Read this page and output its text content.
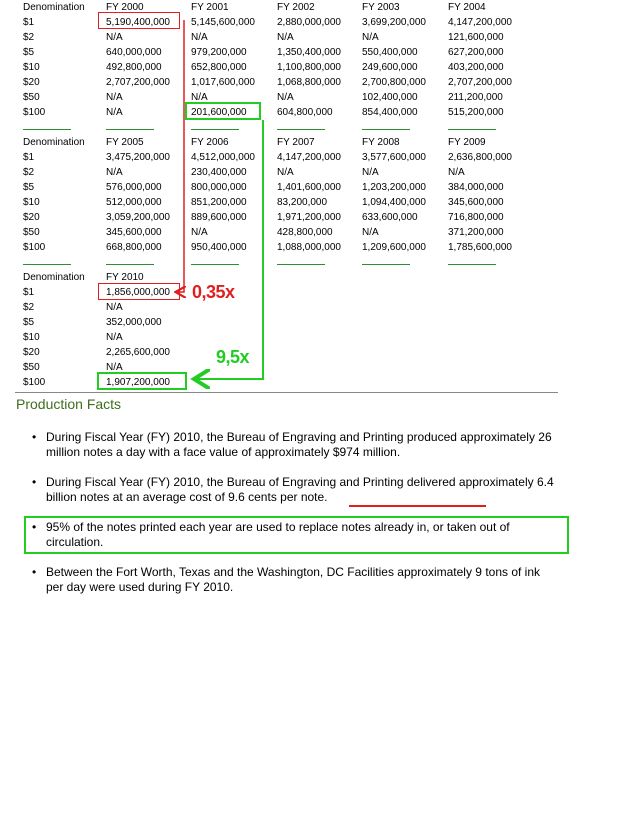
Denomination FY 2000	FY 2001	FY 2002	FY 2003	FY 2004
$1	5,190,400,000 5,145,600,000 2,880,000,000 3,699,200,000 4,147,200,000
$2	N/A	N/A	N/A	N/A	121,600,000
$5	640,000,000	979,200,000	1,350,400,000 550,400,000	627,200,000
$10	492,800,000	652,800,000	1,100,800,000 249,600,000	403,200,000
$20	2,707,200,000 1,017,600,000 1,068,800,000 2,700,800,000 2,707,200,000
$50	N/A	N/A	N/A	102,400,000	211,200,000
$100	N/A	201,600,000	604,800,000	854,400,000	515,200,000
Denomination FY 2005	FY 2006	FY 2007	FY 2008	FY 2009
$1	3,475,200,000 4,512,000,000 4,147,200,000 3,577,600,000 2,636,800,000
$2	N/A	230,400,000	N/A	N/A	N/A
$5	576,000,000	800,000,000	1,401,600,000 1,203,200,000 384,000,000
$10	512,000,000	851,200,000	83,200,000	1,094,400,000 345,600,000
$20	3,059,200,000 889,600,000	1,971,200,000 633,600,000	716,800,000
$50	345,600,000	N/A	428,800,000	N/A	371,200,000
$100	668,800,000	950,400,000	1,088,000,000 1,209,600,000 1,785,600,000
Denomination FY 2010
$1	1,856,000,000
$2	N/A
$5	352,000,000
$10	N/A
$20	2,265,600,000
$50	N/A
$100	1,907,200,000
0,35x
9,5x
Production Facts
• During Fiscal Year (FY) 2010, the Bureau of Engraving and Printing produced approximately 26 million notes a day with a face value of approximately $974 million.
• During Fiscal Year (FY) 2010, the Bureau of Engraving and Printing delivered approximately 6.4 billion notes at an average cost of 9.6 cents per note.
• 95% of the notes printed each year are used to replace notes already in, or taken out of circulation.
• Between the Fort Worth, Texas and the Washington, DC Facilities approximately 9 tons of ink per day were used during FY 2010.
